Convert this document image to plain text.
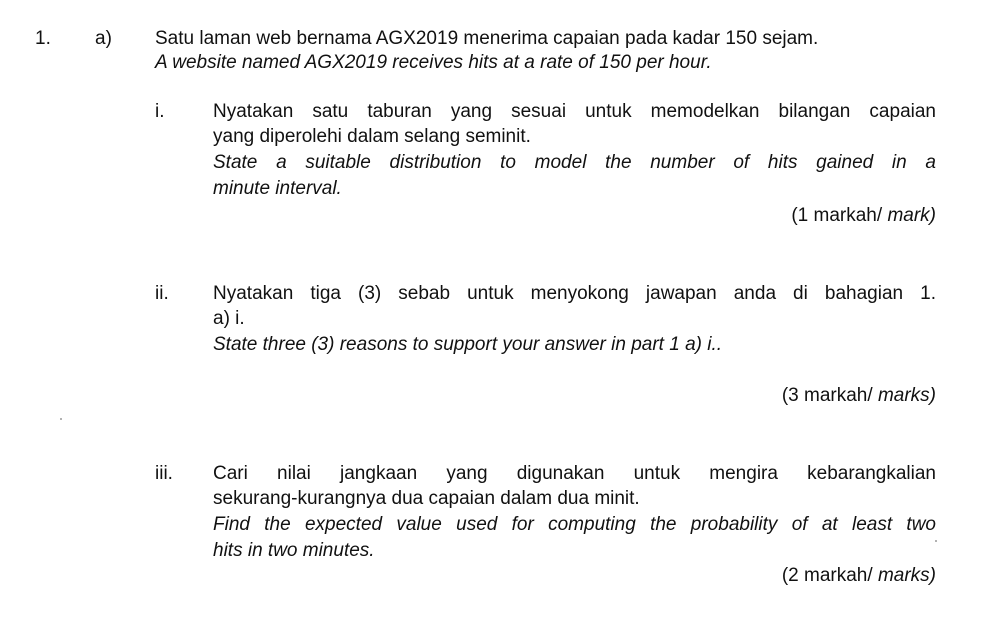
1. a) Satu laman web bernama AGX2019 menerima capaian pada kadar 150 sejam.
A website named AGX2019 receives hits at a rate of 150 per hour.
i.	Nyatakan satu taburan yang sesuai untuk memodelkan bilangan capaian
yang diperolehi dalam selang seminit.
State a suitable distribution to model the number of hits gained in a
minute interval.
(1 markah/ mark)
ii. Nyatakan tiga (3) sebab untuk menyokong jawapan anda di bahagian 1.
a) i.
State three (3) reasons to support your answer in part 1 a) i..
(3 markah/ marks)
iii. Cari nilai jangkaan yang digunakan untuk mengira kebarangkalian
sekurang-kurangnya dua capaian dalam dua minit.
Find the expected value used for computing the probability of at least two
hits in two minutes.
(2 markah/ marks)
